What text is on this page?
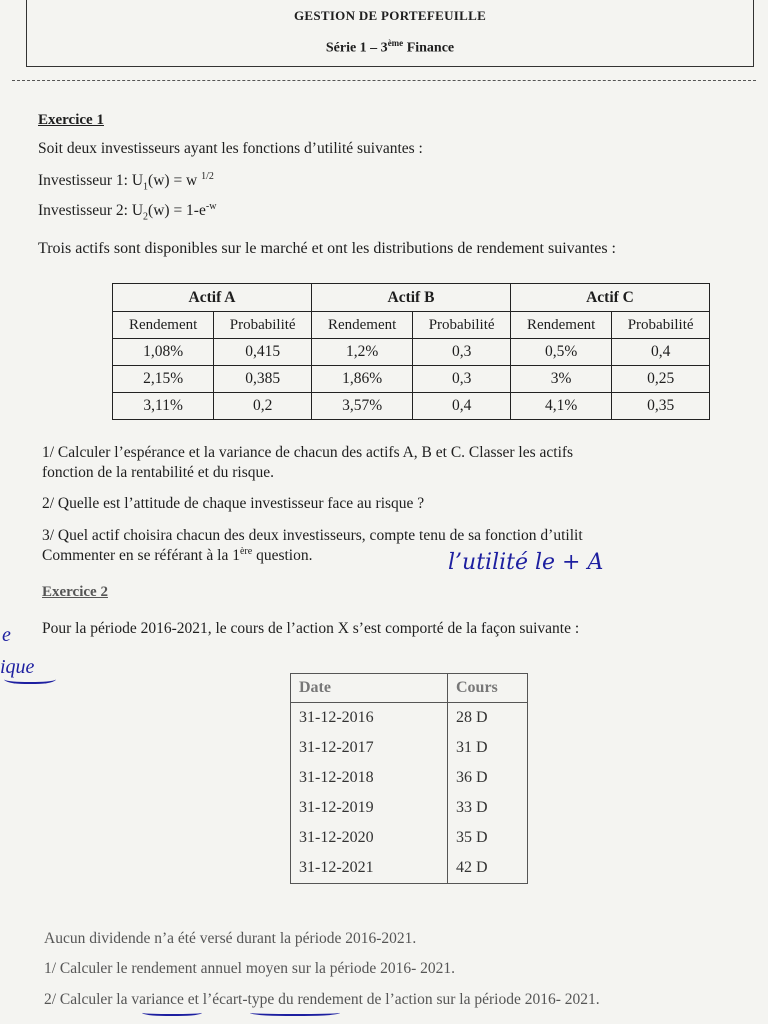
GESTION DE PORTEFEUILLE
Série 1 – 3ème Finance
Exercice 1
Soit deux investisseurs ayant les fonctions d’utilité suivantes :
Investisseur 1: $U_1(w) = w$ $^{1/2}$
Investisseur 2: $U_2(w) = 1-e^{-w}$
Trois actifs sont disponibles sur le marché et ont les distributions de rendement suivantes :
Actif A		Actif B		Actif C	
Rendement	Probabilité	Rendement	Probabilité	Rendement	Probabilité
1,08%	0,415	1,2%	0,3	0,5%	0,4
2,15%	0,385	1,86%	0,3	3%	0,25
3,11%	0,2	3,57%	0,4	4,1%	0,35
1/ Calculer l’espérance et la variance de chacun des actifs A, B et C. Classer les actifs
fonction de la rentabilité et du risque.
2/ Quelle est l’attitude de chaque investisseur face au risque ?
3/ Quel actif choisira chacun des deux investisseurs, compte tenu de sa fonction d’utilit
Commenter en se référant à la 1ère question.	l’utilité le + A
Exercice 2
Pour la période 2016-2021, le cours de l’action X s’est comporté de la façon suivante :
e
ique
Date	Cours
31-12-2016	28 D
31-12-2017	31 D
31-12-2018	36 D
31-12-2019	33 D
31-12-2020	35 D
31-12-2021	42 D
Aucun dividende n’a été versé durant la période 2016-2021.
1/ Calculer le rendement annuel moyen sur la période 2016- 2021.
2/ Calculer la variance et l’écart-type du rendement de l’action sur la période 2016- 2021.
